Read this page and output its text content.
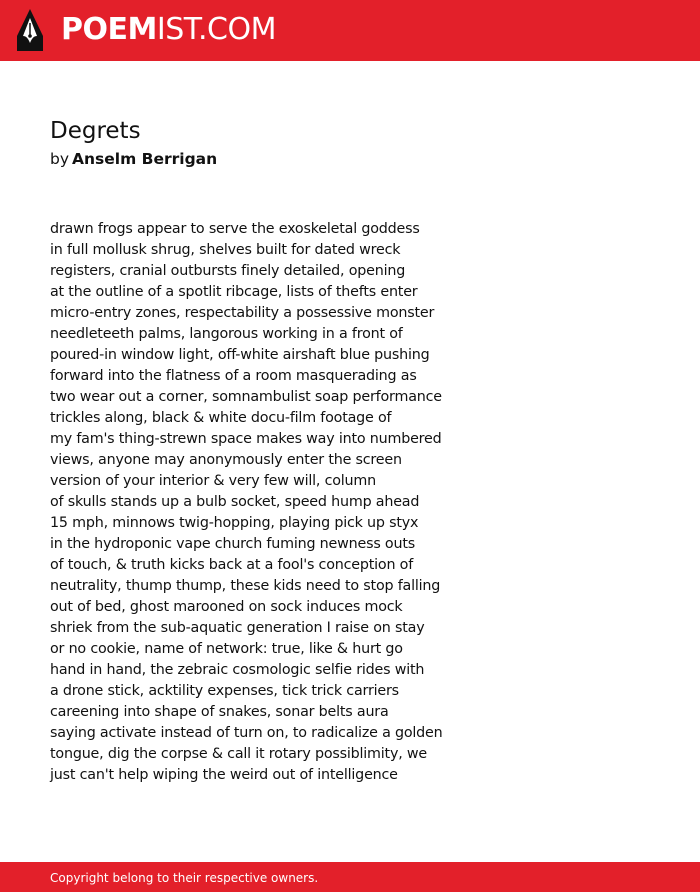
POEMIST.COM
Degrets
by Anselm Berrigan
drawn frogs appear to serve the exoskeletal goddess
in full mollusk shrug, shelves built for dated wreck
registers, cranial outbursts finely detailed, opening
at the outline of a spotlit ribcage, lists of thefts enter
micro-entry zones, respectability a possessive monster
needleteeth palms, langorous working in a front of
poured-in window light, off-white airshaft blue pushing
forward into the flatness of a room masquerading as
two wear out a corner, somnambulist soap performance
trickles along, black & white docu-film footage of
my fam's thing-strewn space makes way into numbered
views, anyone may anonymously enter the screen
version of your interior & very few will, column
of skulls stands up a bulb socket, speed hump ahead
15 mph, minnows twig-hopping, playing pick up styx
in the hydroponic vape church fuming newness outs
of touch, & truth kicks back at a fool's conception of
neutrality, thump thump, these kids need to stop falling
out of bed, ghost marooned on sock induces mock
shriek from the sub-aquatic generation I raise on stay
or no cookie, name of network: true, like & hurt go
hand in hand, the zebraic cosmologic selfie rides with
a drone stick, acktility expenses, tick trick carriers
careening into shape of snakes, sonar belts aura
saying activate instead of turn on, to radicalize a golden
tongue, dig the corpse & call it rotary possiblimity, we
just can't help wiping the weird out of intelligence
Copyright belong to their respective owners.
